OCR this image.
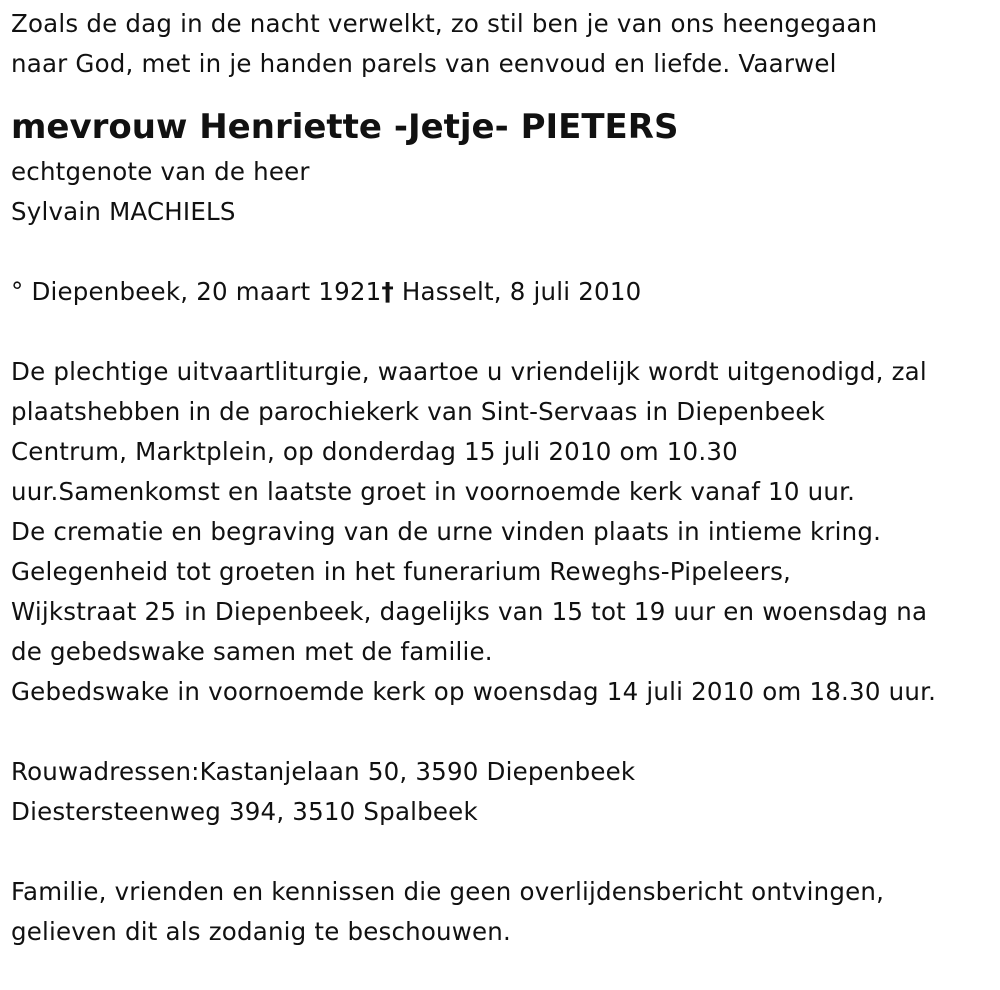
Zoals de dag in de nacht verwelkt, zo stil ben je van ons heengegaan
naar God, met in je handen parels van eenvoud en liefde. Vaarwel
mevrouw Henriette -Jetje- PIETERS
echtgenote van de heer
Sylvain MACHIELS
° Diepenbeek, 20 maart 1921† Hasselt, 8 juli 2010
De plechtige uitvaartliturgie, waartoe u vriendelijk wordt uitgenodigd, zal
plaatshebben in de parochiekerk van Sint-Servaas in Diepenbeek
Centrum, Marktplein, op donderdag 15 juli 2010 om 10.30
uur.Samenkomst en laatste groet in voornoemde kerk vanaf 10 uur.
De crematie en begraving van de urne vinden plaats in intieme kring.
Gelegenheid tot groeten in het funerarium Reweghs-Pipeleers,
Wijkstraat 25 in Diepenbeek, dagelijks van 15 tot 19 uur en woensdag na
de gebedswake samen met de familie.
Gebedswake in voornoemde kerk op woensdag 14 juli 2010 om 18.30 uur.
Rouwadressen:Kastanjelaan 50, 3590 Diepenbeek
Diestersteenweg 394, 3510 Spalbeek
Familie, vrienden en kennissen die geen overlijdensbericht ontvingen,
gelieven dit als zodanig te beschouwen.
